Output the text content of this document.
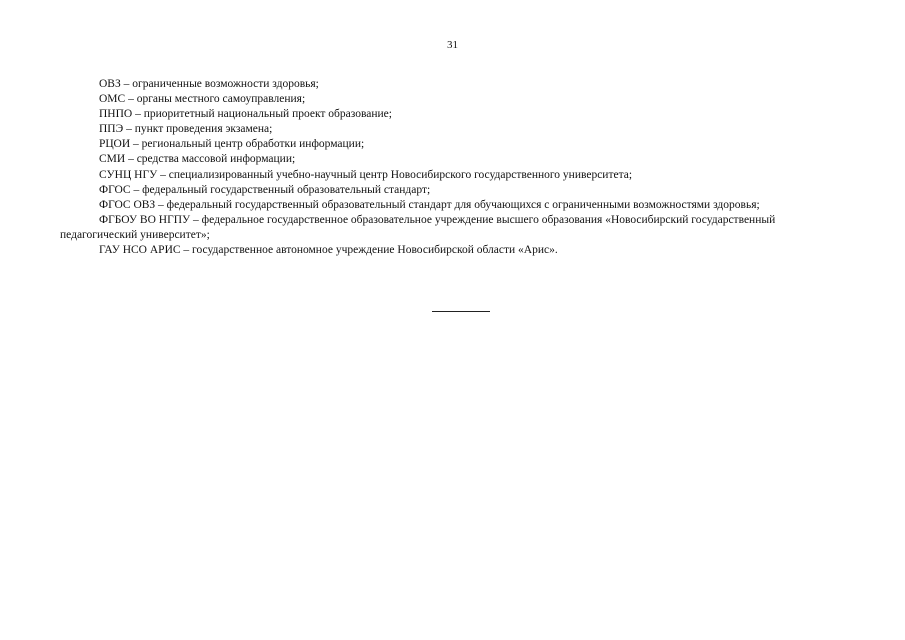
31

ОВЗ – ограниченные возможности здоровья;

ОМС – органы местного самоуправления;

ПНПО – приоритетный национальный проект образование;

ППЭ – пункт проведения экзамена;

РЦОИ – региональный центр обработки информации;

СМИ – средства массовой информации;

СУНЦ НГУ – специализированный учебно-научный центр Новосибирского государственного университета;

ФГОС – федеральный государственный образовательный стандарт;

ФГОС ОВЗ – федеральный государственный образовательный стандарт для обучающихся с ограниченными возможностями здоровья;

ФГБОУ ВО НГПУ – федеральное государственное образовательное учреждение высшего образования «Новосибирский государственный педагогический университет»;

ГАУ НСО АРИС – государственное автономное учреждение Новосибирской области «Арис».
